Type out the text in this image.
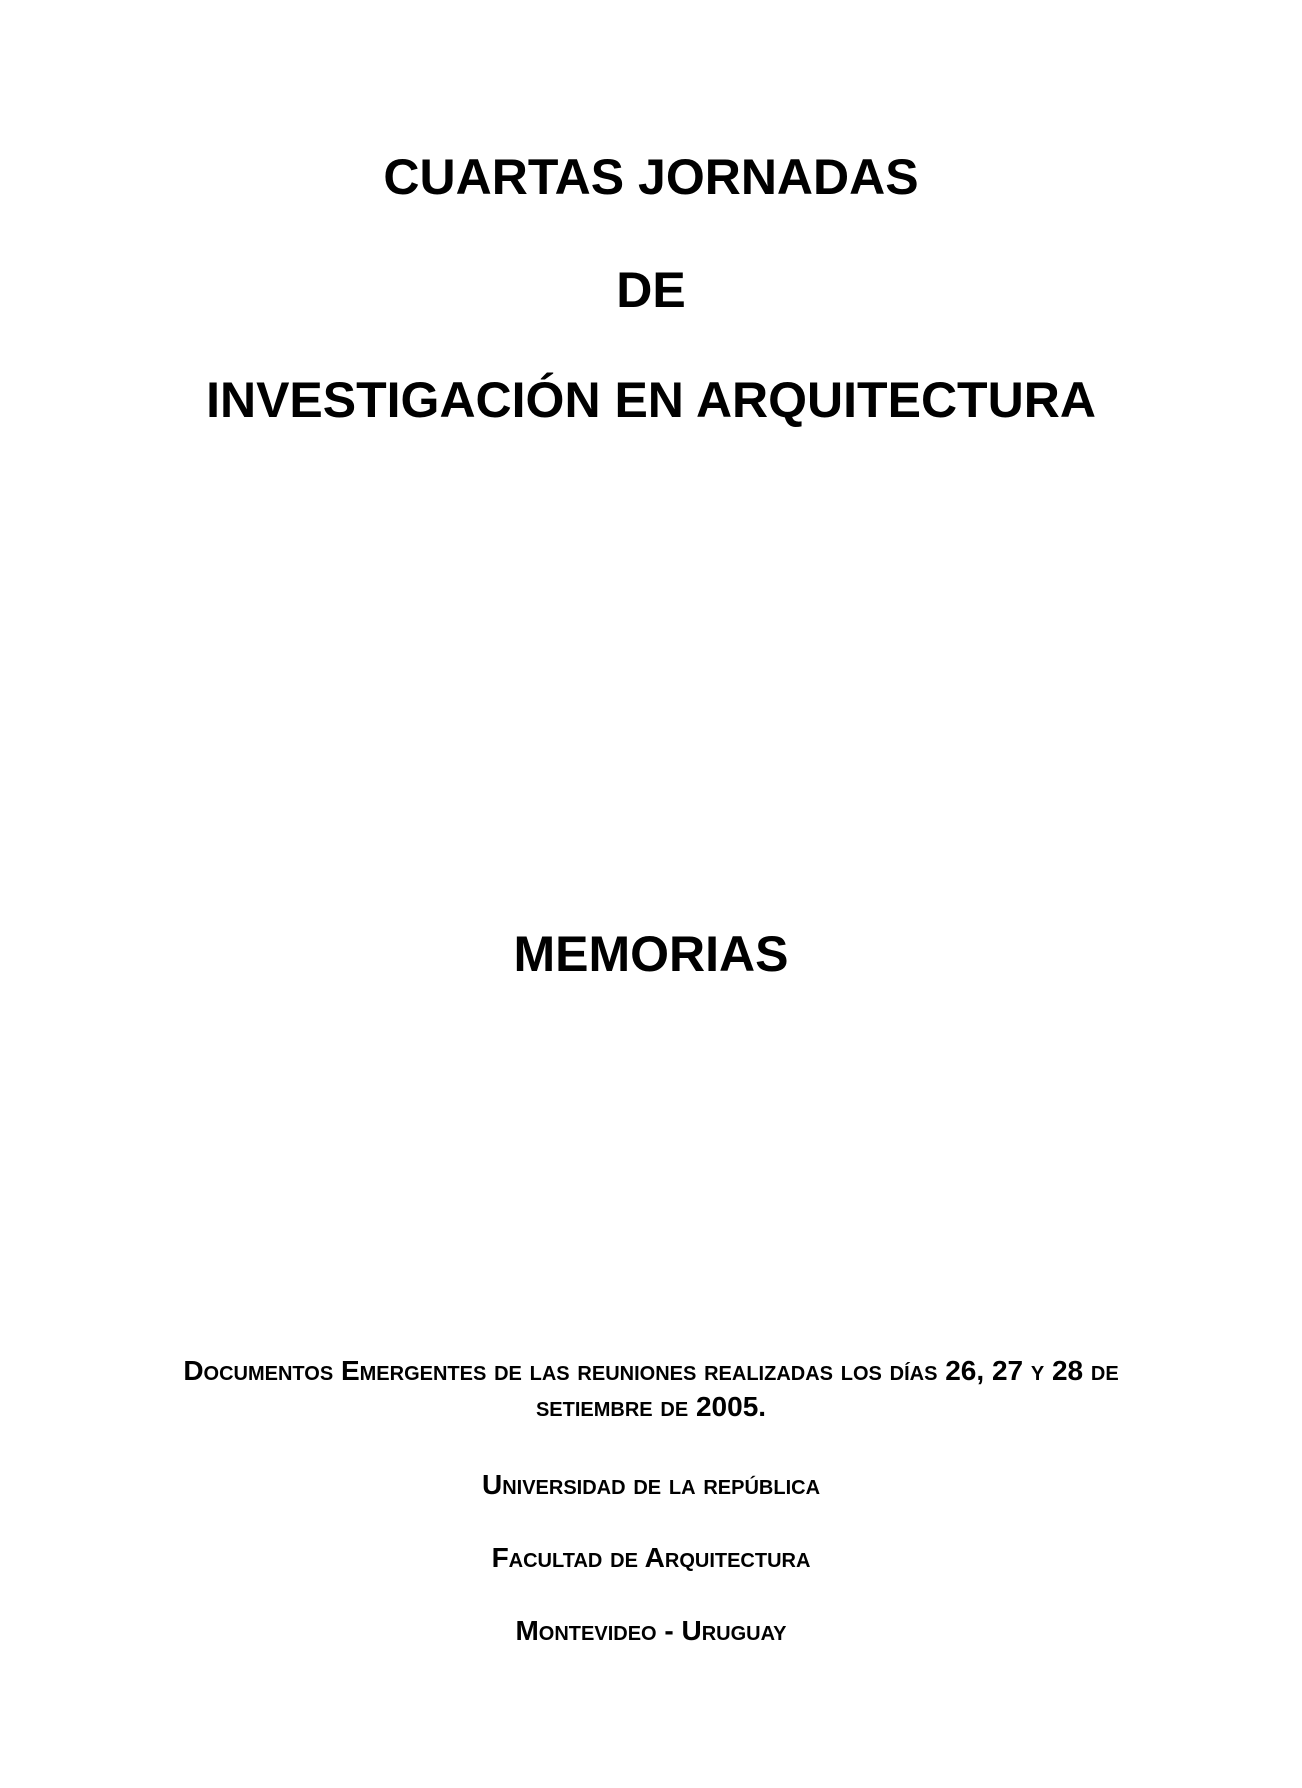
CUARTAS JORNADAS
DE
INVESTIGACIÓN EN ARQUITECTURA
MEMORIAS
Documentos Emergentes de las reuniones realizadas los días 26, 27 y 28 de
setiembre de 2005.
Universidad de la república
Facultad de Arquitectura
Montevideo - Uruguay
